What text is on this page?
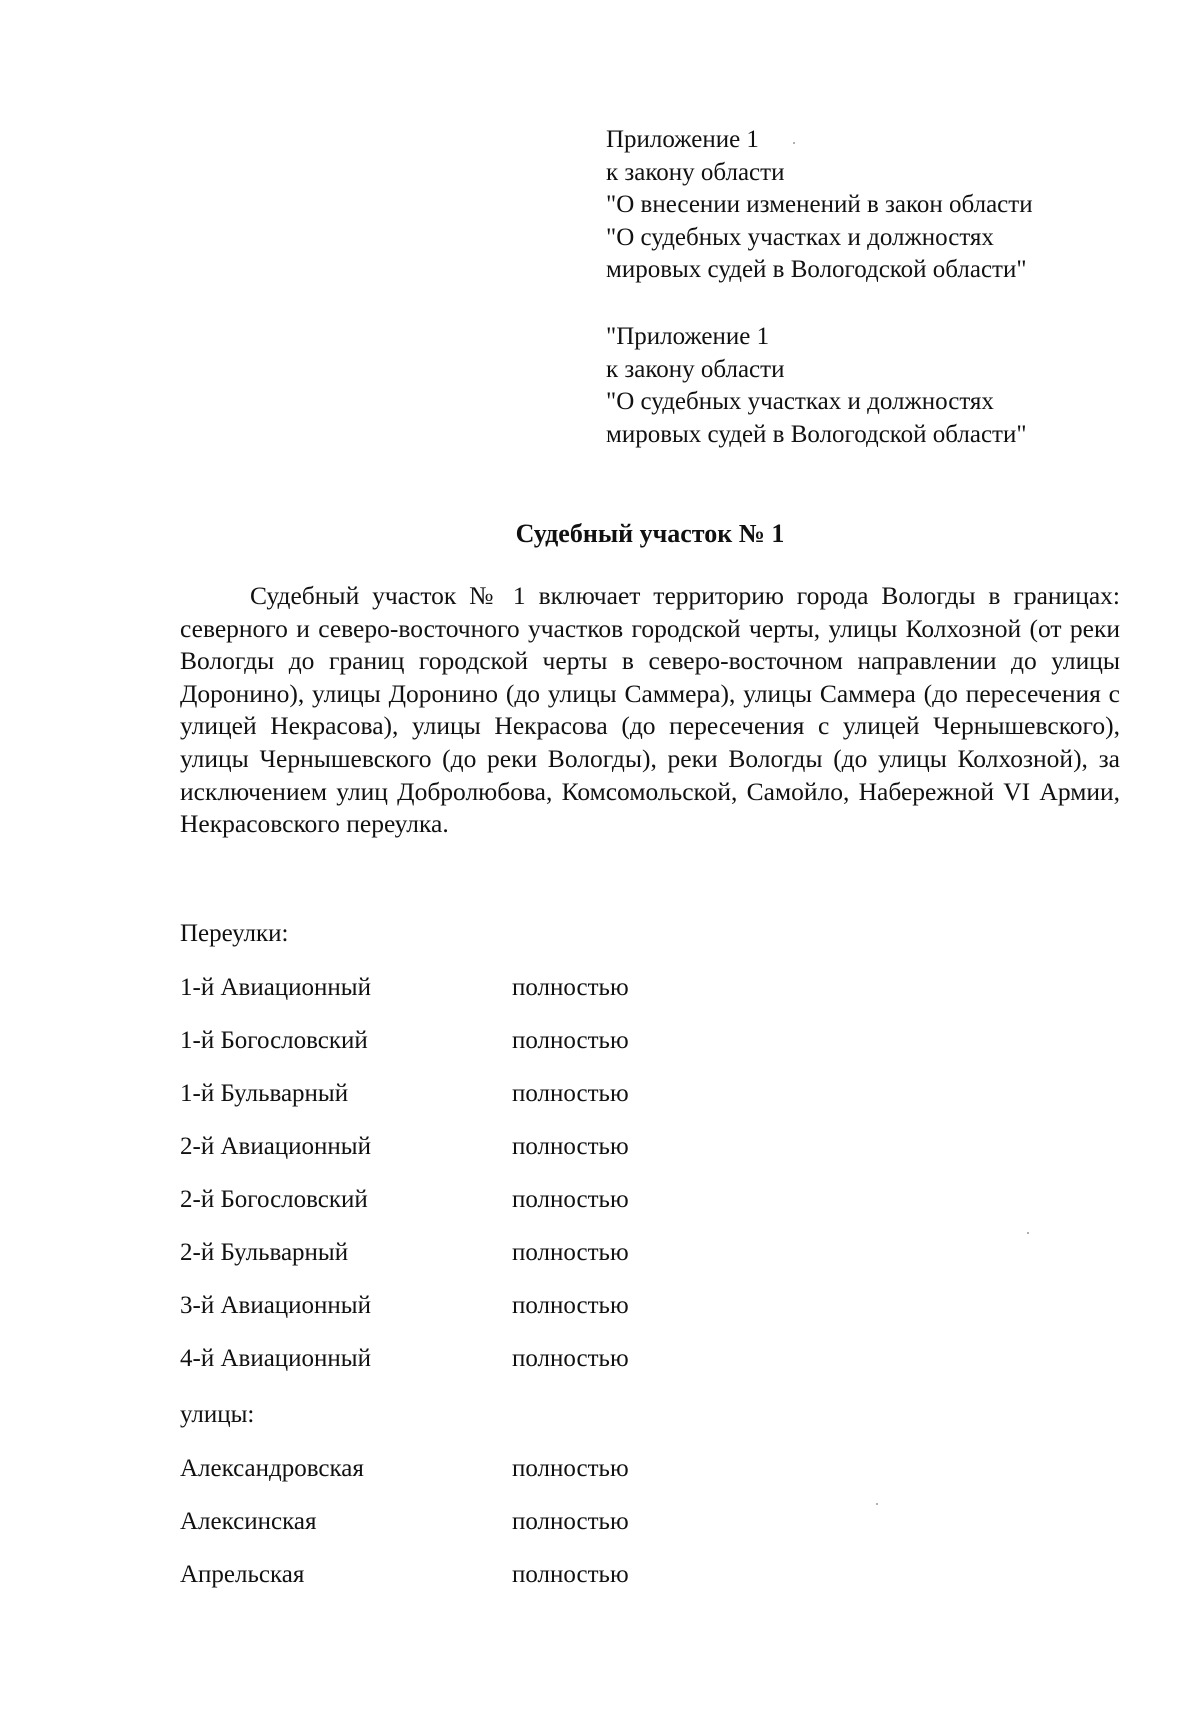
Приложение 1
к закону области
"О внесении изменений в закон области
"О судебных участках и должностях
мировых судей в Вологодской области"
"Приложение 1
к закону области
"О судебных участках и должностях
мировых судей в Вологодской области"
Судебный участок № 1

Судебный участок № 1 включает территорию города Вологды в границах: северного и северо-восточного участков городской черты, улицы Колхозной (от реки Вологды до границ городской черты в северо-восточном направлении до улицы Доронино), улицы Доронино (до улицы Саммера), улицы Саммера (до пересечения с улицей Некрасова), улицы Некрасова (до пересечения с улицей Чернышевского), улицы Чернышевского (до реки Вологды), реки Вологды (до улицы Колхозной), за исключением улиц Добролюбова, Комсомольской, Самойло, Набережной VI Армии, Некрасовского переулка.

Переулки:
1-й Авиационный	полностью
1-й Богословский	полностью
1-й Бульварный	полностью
2-й Авиационный	полностью
2-й Богословский	полностью
2-й Бульварный	полностью
3-й Авиационный	полностью
4-й Авиационный	полностью
улицы:
Александровская	полностью
Алексинская	полностью
Апрельская	полностью
